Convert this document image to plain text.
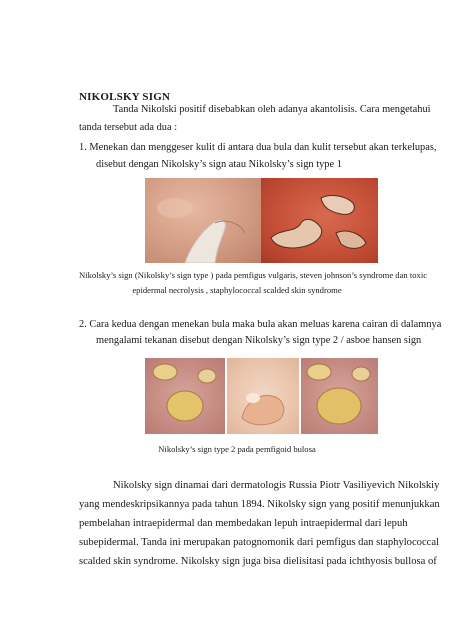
NIKOLSKY SIGN
Tanda Nikolski positif disebabkan oleh adanya akantolisis. Cara mengetahui
tanda tersebut ada dua :
1. Menekan dan menggeser kulit di antara dua bula dan kulit tersebut akan terkelupas,
disebut dengan Nikolsky’s sign atau Nikolsky’s sign type 1
Nikolsky’s sign (Nikolsky’s sign type ) pada pemfigus vulgaris, steven johnson’s syndrome dan toxic
epidermal necrolysis , staphylococcal scalded skin syndrome
2. Cara kedua dengan menekan bula maka bula akan meluas karena cairan di dalamnya
mengalami tekanan disebut dengan Nikolsky’s sign type 2 / asboe hansen sign
Nikolsky’s sign type 2 pada pemfigoid bulosa
Nikolsky sign dinamai dari dermatologis Russia Piotr Vasiliyevich Nikolskiy
yang mendeskripsikannya pada tahun 1894. Nikolsky sign yang positif menunjukkan
pembelahan intraepidermal dan membedakan lepuh intraepidermal dari lepuh
subepidermal. Tanda ini merupakan patognomonik dari pemfigus dan staphylococcal
scalded skin syndrome. Nikolsky sign juga bisa dielisitasi pada ichthyosis bullosa of
